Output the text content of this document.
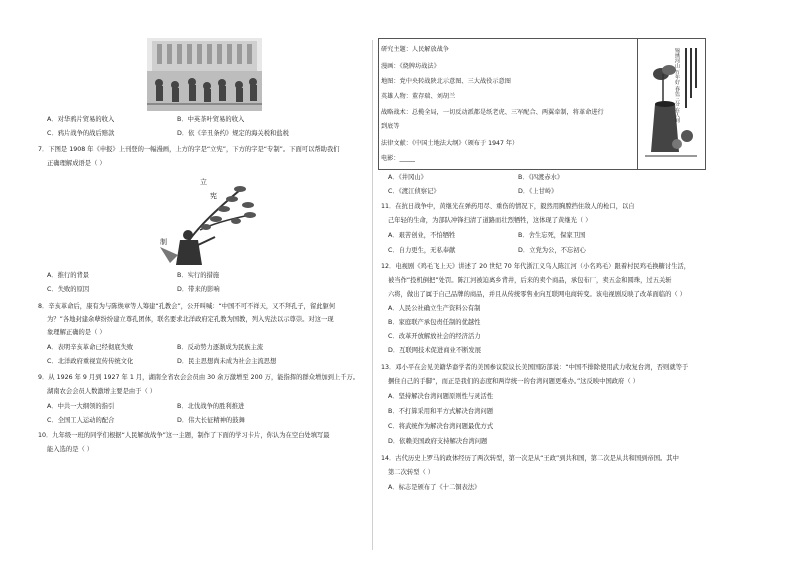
A．对华鸦片贸易的收入	B．中英茶叶贸易的收入
C．鸦片战争的战后赔款	D．依《辛丑条约》规定的海关税和盐税
7．下图是 1908 年《申报》上刊登的一幅漫画，上方的字是“立宪”，下方的字是“专制”。下面可以帮助我们
正确理解成语是（ ）
立
宪
制
A．推行的背景	B．实行的措施
C．失败的原因	D．带来的影响
8．辛亥革命后，康有为与陈焕章等人筹建“孔教会”，公开叫喊：“中国不可不祥天，又不拜孔子，留此躯何
为？”各地封建余孽纷纷建立尊孔团体，联名要求北洋政府定孔教为国教，列入宪法以示尊崇。对这一现
象理解正确的是（ ）
A．表明辛亥革命已经彻底失败	B．反动势力逐渐成为民族主流
C．北洋政府重视宣传传统文化	D．民主思想尚未成为社会主流思想
9．从 1926 年 9 月到 1927 年 1 月，湖南全省农会会员由 30 余万激增至 200 万，能指挥的群众增加到上千万。
湖南农会会员人数激增主要是由于（ ）
A．中共一大纲领的指引	B．北伐战争的胜利推进
C．全国工人运动的配合	D．伟大长征精神的鼓舞
10．九年级一班的同学们根据“人民解放战争”这一主题，制作了下面的学习卡片，你认为在空白处填写最
能入选的是（ ）
研究主题：人民解放战争
漫画：《烧牌坊战法》
地图：党中央转战陕北示意图、三大战役示意图
英雄人物：董存瑞、刘胡兰
战略战术：总揽全局，一切反动派都是纸老虎、三军配合、两翼牵制，将革命进行
到底等
法律文献：《中国土地法大纲》（颁布于 1947 年）
电影：_____
锦绣河山 万年好 春色三分 在人间
A．《井冈山》	B．《四渡赤水》
C．《渡江侦察记》	D．《上甘岭》
11．在抗日战争中，黄继光在弹药用尽、重伤的情况下，毅然用胸膛挡住敌人的枪口，以自
己年轻的生命，为部队冲锋扫清了道路而壮烈牺牲，这体现了黄继光（ ）
A．艰苦创业，不怕牺牲	B．舍生忘死，保家卫国
C．自力更生，无私奉献	D．立党为公，不忘初心
12．电视剧《鸡毛飞上天》讲述了 20 世纪 70 年代浙江义乌人陈江河（小名鸡毛）跟着村民鸡毛换糖讨生活，
被当作“投机倒把”处罚。陈江河被迫离乡背井，后来的卖个商品，承包布厂，卖五金和圆珠，过五关斩
六将，做出了属于自己品牌的商品，并且从传统零售业向互联网电商转变。该电视剧反映了改革面临的（ ）
A．人民公社确立生产资料公有制
B．家庭联产承包责任制的优越性
C．改革开放解放社会的经济活力
D．互联网技术促进商业不断发展
13．邓小平在会见美籍华裔学者的美国参议院议长美国国防部说：“中国不排除使用武力收复台湾，否则就等于
捆住自己的手脚”，而正是我们的态度和两岸统一的台湾问题更难办。”这反映中国政府（ ）
A．坚持解决台湾问题原则性与灵活性
B．不打算采用和平方式解决台湾问题
C．将武统作为解决台湾问题最优方式
D．依赖美国政府支持解决台湾问题
14．古代历史上罗马的政体经历了两次转型，第一次是从“王政”到共和国，第二次是从共和国到帝国。其中
第二次转型（ ）
A．标志是颁布了《十二铜表法》
